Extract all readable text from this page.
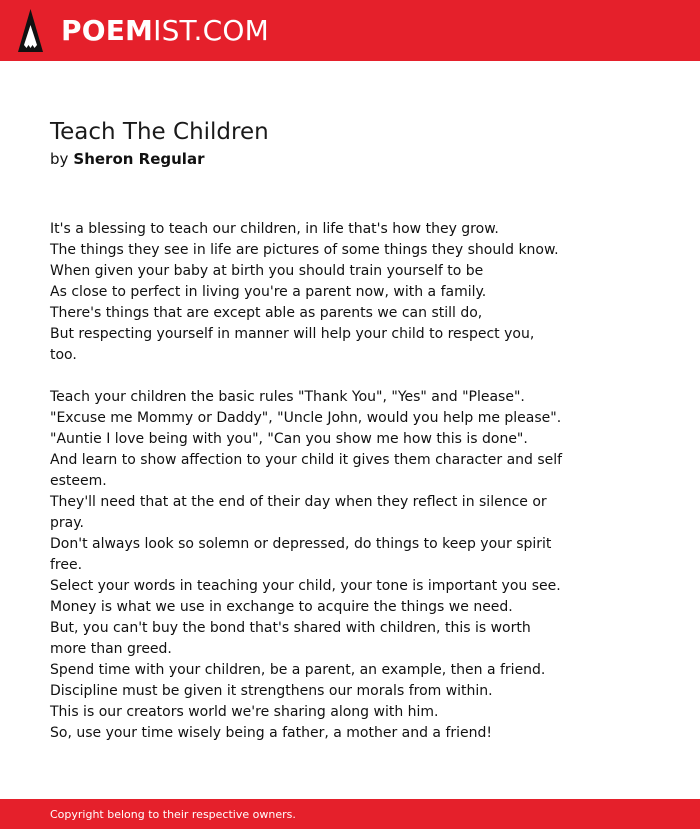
POEMIST.COM
Teach The Children
by Sheron Regular

It's a blessing to teach our children, in life that's how they grow.
The things they see in life are pictures of some things they should know.
When given your baby at birth you should train yourself to be
As close to perfect in living you're a parent now, with a family.
There's things that are except able as parents we can still do,
But respecting yourself in manner will help your child to respect you, too.

Teach your children the basic rules "Thank You", "Yes" and "Please".
"Excuse me Mommy or Daddy", "Uncle John, would you help me please".
"Auntie I love being with you", "Can you show me how this is done".
And learn to show affection to your child it gives them character and self esteem.
They'll need that at the end of their day when they reflect in silence or pray.
Don't always look so solemn or depressed, do things to keep your spirit free.
Select your words in teaching your child, your tone is important you see.
Money is what we use in exchange to acquire the things we need.
But, you can't buy the bond that's shared with children, this is worth more than greed.
Spend time with your children, be a parent, an example, then a friend.
Discipline must be given it strengthens our morals from within.
This is our creators world we're sharing along with him.
So, use your time wisely being a father, a mother and a friend!

Copyright belong to their respective owners.
